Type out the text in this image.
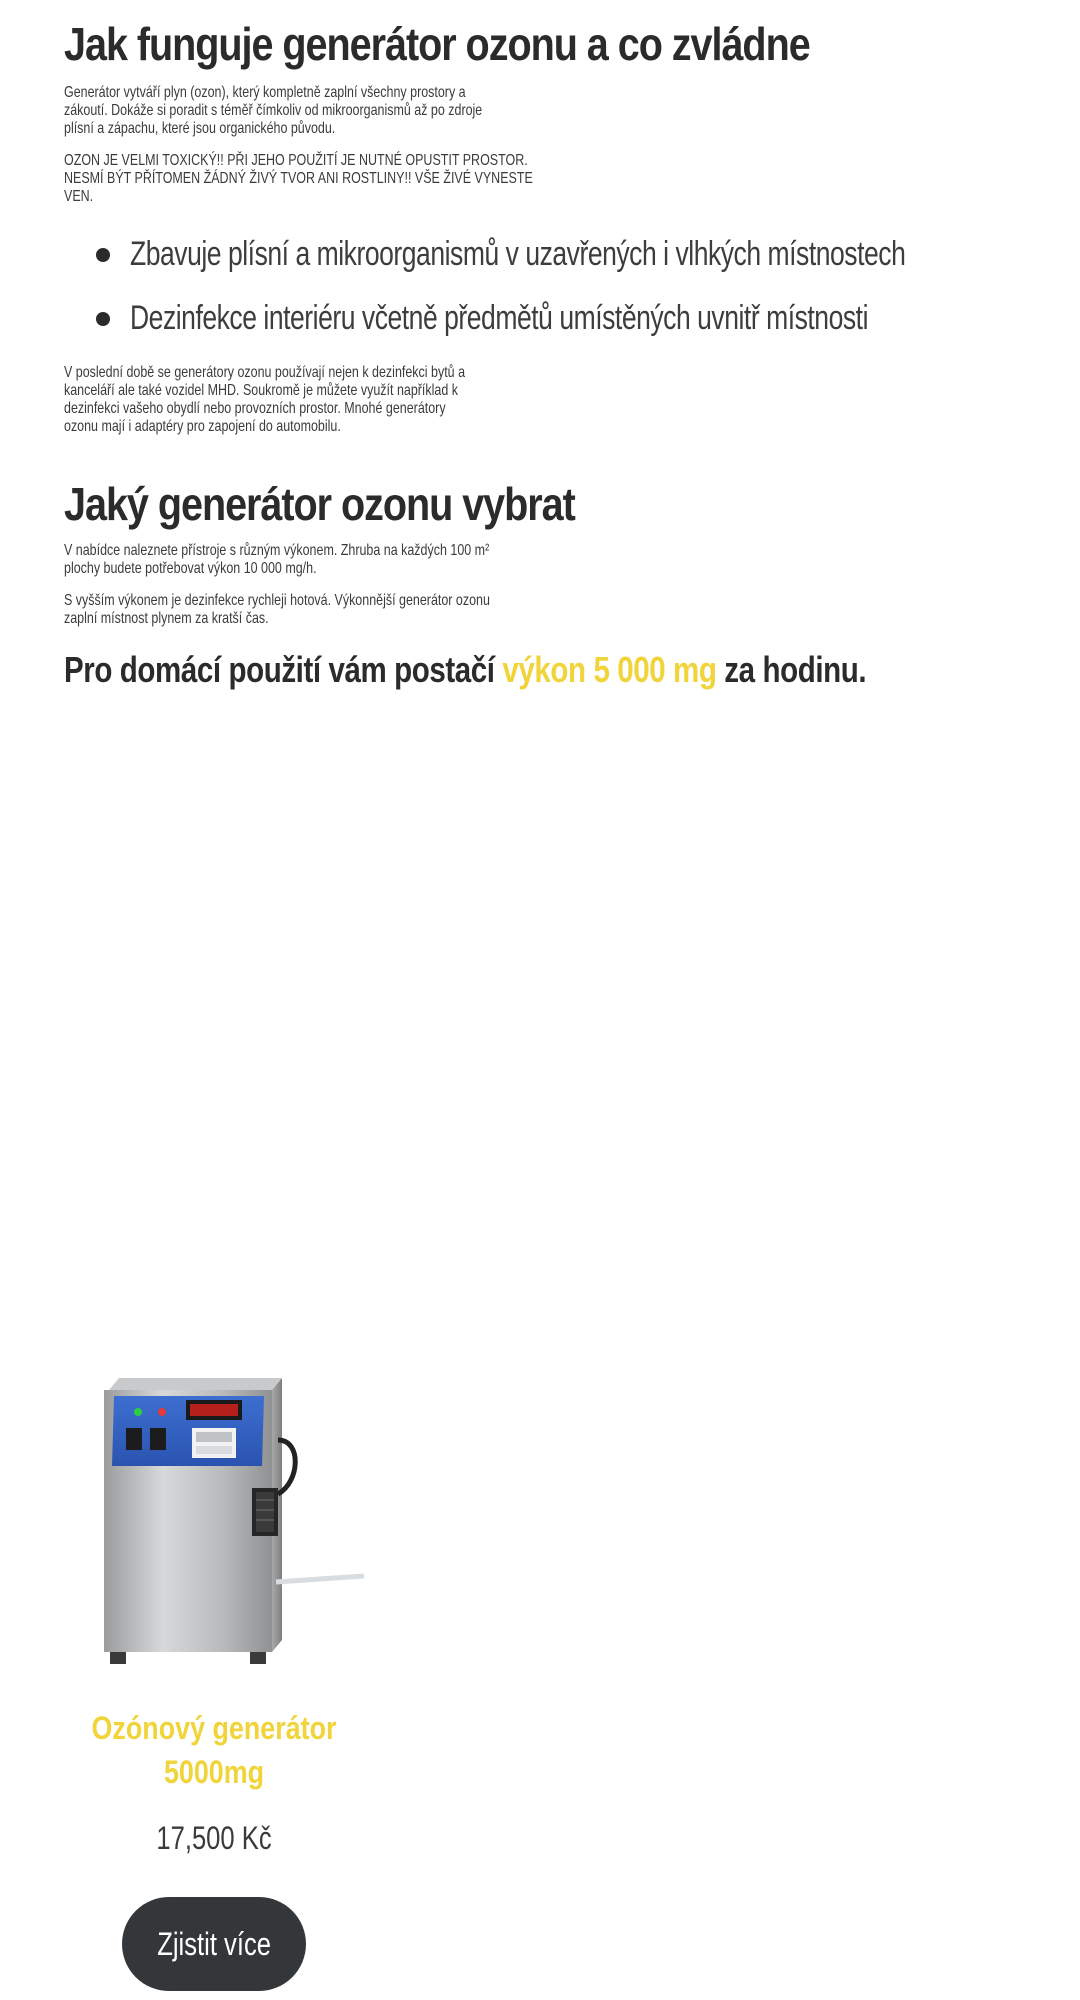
Jak funguje generátor ozonu a co zvládne
Generátor vytváří plyn (ozon), který kompletně zaplní všechny prostory a
zákoutí. Dokáže si poradit s téměř čímkoliv od mikroorganismů až po zdroje
plísní a zápachu, které jsou organického původu.
OZON JE VELMI TOXICKÝ!! PŘI JEHO POUŽITÍ JE NUTNÉ OPUSTIT PROSTOR.
NESMÍ BÝT PŘÍTOMEN ŽÁDNÝ ŽIVÝ TVOR ANI ROSTLINY!! VŠE ŽIVÉ VYNESTE
VEN.
Zbavuje plísní a mikroorganismů v uzavřených i vlhkých místnostech
Dezinfekce interiéru včetně předmětů umístěných uvnitř místnosti
V poslední době se generátory ozonu používají nejen k dezinfekci bytů a
kanceláří ale také vozidel MHD. Soukromě je můžete využít například k
dezinfekci vašeho obydlí nebo provozních prostor. Mnohé generátory
ozonu mají i adaptéry pro zapojení do automobilu.
Jaký generátor ozonu vybrat
V nabídce naleznete přístroje s různým výkonem. Zhruba na každých 100 m²
plochy budete potřebovat výkon 10 000 mg/h.
S vyšším výkonem je dezinfekce rychleji hotová. Výkonnější generátor ozonu
zaplní místnost plynem za kratší čas.
Pro domácí použití vám postačí výkon 5 000 mg za hodinu.
Ozónový generátor
5000mg
17,500 Kč
Zjistit více
